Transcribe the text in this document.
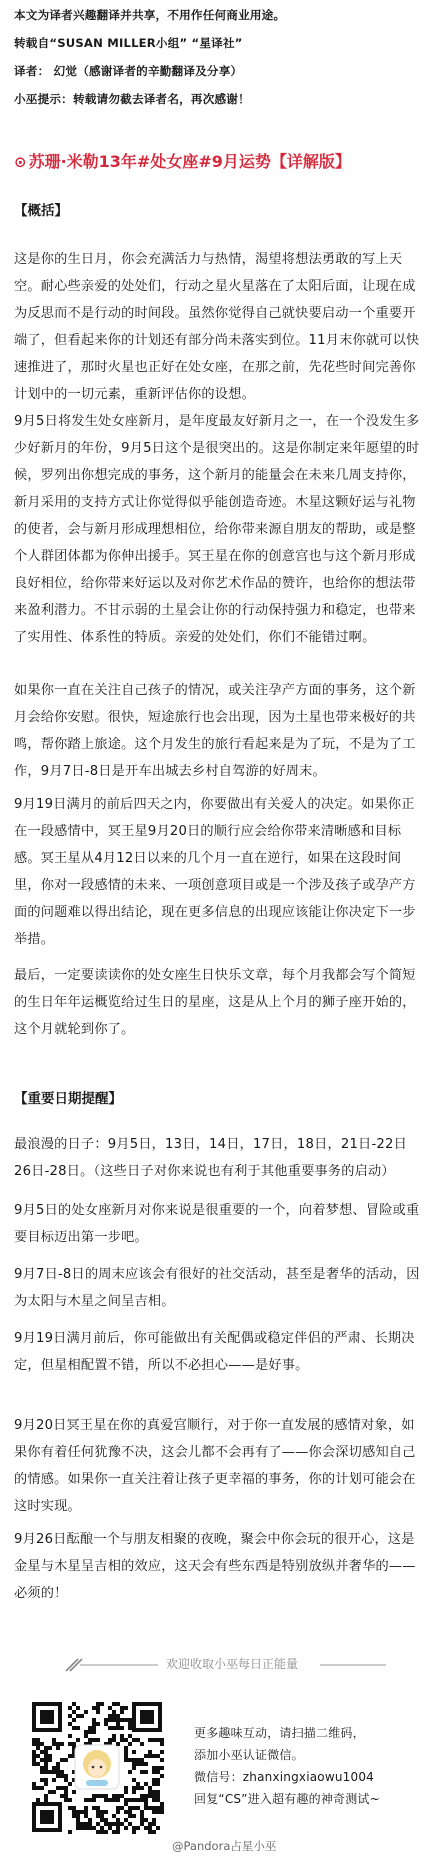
本文为译者兴趣翻译并共享，不用作任何商业用途。

转载自“SUSAN MILLER小组” “星译社”

译者： 幻觉（感谢译者的辛勤翻译及分享）

小巫提示：转载请勿截去译者名，再次感谢！

⊙ 苏珊·米勒13年#处女座#9月运势【详解版】
【概括】

这是你的生日月，你会充满活力与热情，渴望将想法勇敢的写上天空。耐心些亲爱的处处们，行动之星火星落在了太阳后面，让现在成为反思而不是行动的时间段。虽然你觉得自己就快要启动一个重要开端了，但看起来你的计划还有部分尚未落实到位。11月末你就可以快速推进了，那时火星也正好在处女座，在那之前，先花些时间完善你计划中的一切元素，重新评估你的设想。

9月5日将发生处女座新月，是年度最友好新月之一，在一个没发生多少好新月的年份，9月5日这个是很突出的。这是你制定来年愿望的时候，罗列出你想完成的事务，这个新月的能量会在未来几周支持你，新月采用的支持方式让你觉得似乎能创造奇迹。木星这颗好运与礼物的使者，会与新月形成理想相位，给你带来源自朋友的帮助，或是整个人群团体都为你伸出援手。冥王星在你的创意宫也与这个新月形成良好相位，给你带来好运以及对你艺术作品的赞许，也给你的想法带来盈利潜力。不甘示弱的土星会让你的行动保持强力和稳定，也带来了实用性、体系性的特质。亲爱的处处们，你们不能错过啊。

如果你一直在关注自己孩子的情况，或关注孕产方面的事务，这个新月会给你安慰。很快，短途旅行也会出现，因为土星也带来极好的共鸣，帮你踏上旅途。这个月发生的旅行看起来是为了玩，不是为了工作，9月7日-8日是开车出城去乡村自驾游的好周末。

9月19日满月的前后四天之内，你要做出有关爱人的决定。如果你正在一段感情中，冥王星9月20日的顺行应会给你带来清晰感和目标感。冥王星从4月12日以来的几个月一直在逆行，如果在这段时间里，你对一段感情的未来、一项创意项目或是一个涉及孩子或孕产方面的问题难以得出结论，现在更多信息的出现应该能让你决定下一步举措。

最后，一定要读读你的处女座生日快乐文章，每个月我都会写个简短的生日年年运概览给过生日的星座，这是从上个月的狮子座开始的，这个月就轮到你了。

【重要日期提醒】

最浪漫的日子：9月5日，13日，14日，17日，18日，21日-22日 26日-28日。（这些日子对你来说也有利于其他重要事务的启动）

9月5日的处女座新月对你来说是很重要的一个，向着梦想、冒险或重要目标迈出第一步吧。

9月7日-8日的周末应该会有很好的社交活动，甚至是奢华的活动，因为太阳与木星之间呈吉相。

9月19日满月前后，你可能做出有关配偶或稳定伴侣的严肃、长期决定，但星相配置不错，所以不必担心——是好事。

9月20日冥王星在你的真爱宫顺行，对于你一直发展的感情对象，如果你有着任何犹豫不决，这会儿都不会再有了——你会深切感知自己的情感。如果你一直关注着让孩子更幸福的事务，你的计划可能会在这时实现。

9月26日酝酿一个与朋友相聚的夜晚，聚会中你会玩的很开心，这是金星与木星呈吉相的效应，这天会有些东西是特别放纵并奢华的——必须的！

欢迎收取小巫每日正能量

更多趣味互动，请扫描二维码，

添加小巫认证微信。

微信号：zhanxingxiaowu1004

回复“CS”进入超有趣的神奇测试~

@Pandora占星小巫
